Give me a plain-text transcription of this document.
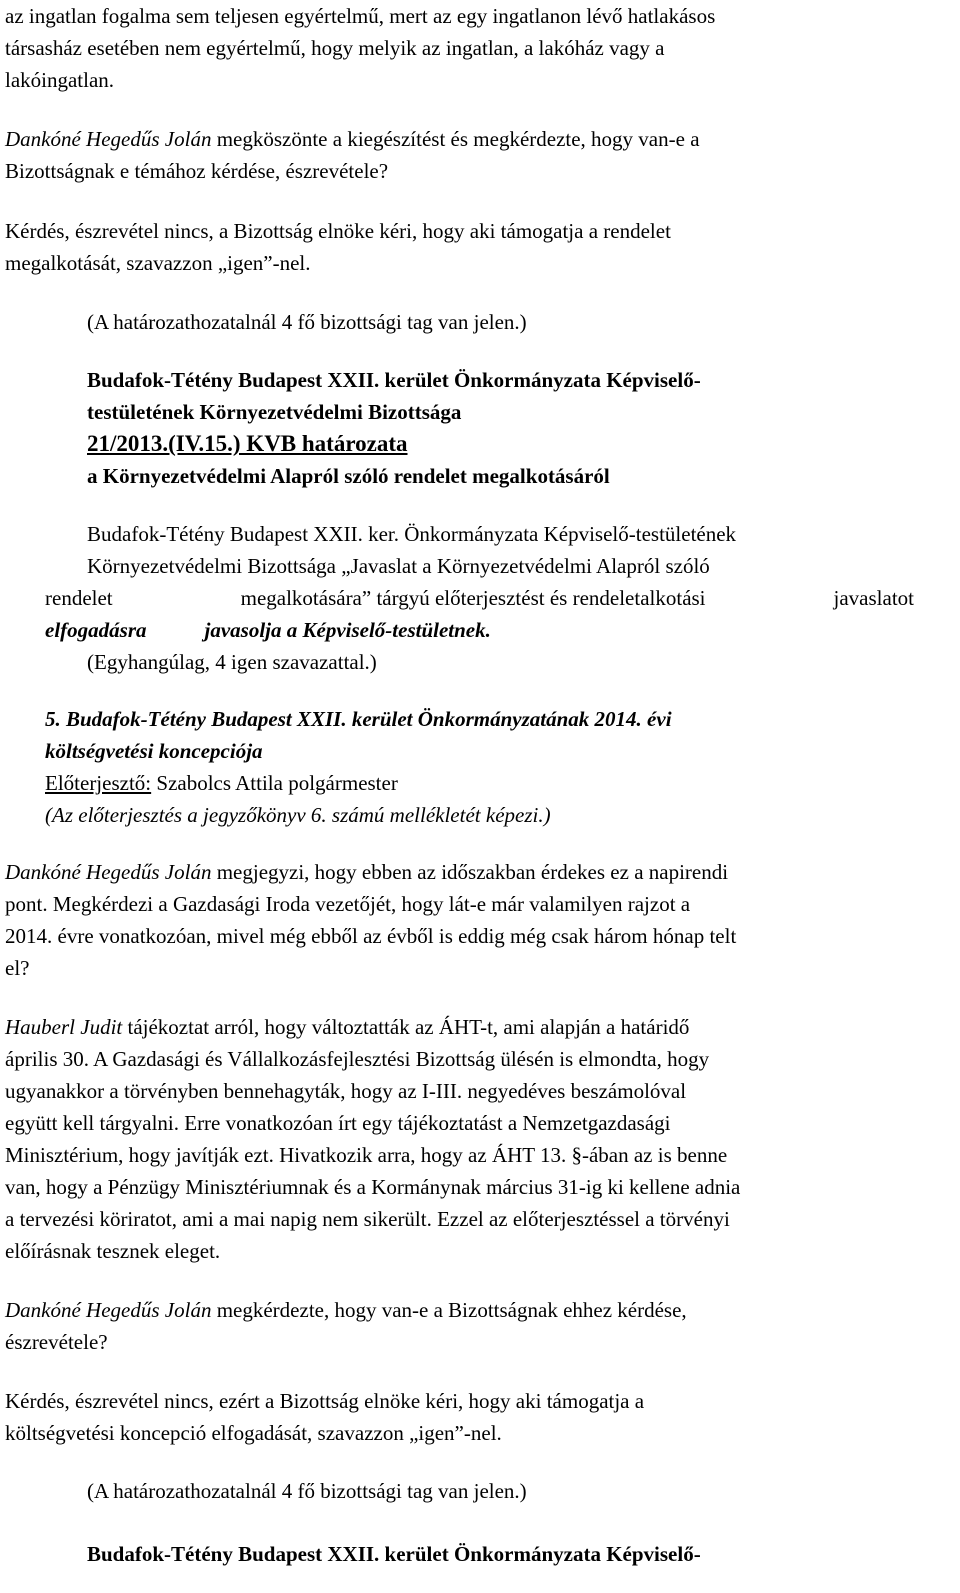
az ingatlan fogalma sem teljesen egyértelmű, mert az egy ingatlanon lévő hatlakásos
társasház esetében nem egyértelmű, hogy melyik az ingatlan, a lakóház vagy a
lakóingatlan.
Dankóné Hegedűs Jolán megköszönte a kiegészítést és megkérdezte, hogy van-e a
Bizottságnak e témához kérdése, észrevétele?
Kérdés, észrevétel nincs, a Bizottság elnöke kéri, hogy aki támogatja a rendelet
megalkotását, szavazzon „igen”-nel.
(A határozathozatalnál 4 fő bizottsági tag van jelen.)
Budafok-Tétény Budapest XXII. kerület Önkormányzata Képviselő-
testületének Környezetvédelmi Bizottsága
21/2013.(IV.15.) KVB határozata
a Környezetvédelmi Alapról szóló rendelet megalkotásáról
Budafok-Tétény Budapest XXII. ker. Önkormányzata Képviselő-testületének
Környezetvédelmi Bizottsága „Javaslat a Környezetvédelmi Alapról szóló
rendelet	megalkotására” tárgyú előterjesztést és rendeletalkotási	javaslatot
elfogadásra	javasolja a Képviselő-testületnek.
(Egyhangúlag, 4 igen szavazattal.)
5. Budafok-Tétény Budapest XXII. kerület Önkormányzatának 2014. évi
költségvetési koncepciója
Előterjesztő: Szabolcs Attila polgármester
(Az előterjesztés a jegyzőkönyv 6. számú mellékletét képezi.)
Dankóné Hegedűs Jolán megjegyzi, hogy ebben az időszakban érdekes ez a napirendi
pont. Megkérdezi a Gazdasági Iroda vezetőjét, hogy lát-e már valamilyen rajzot a
2014. évre vonatkozóan, mivel még ebből az évből is eddig még csak három hónap telt
el?
Hauberl Judit tájékoztat arról, hogy változtatták az ÁHT-t, ami alapján a határidő
április 30. A Gazdasági és Vállalkozásfejlesztési Bizottság ülésén is elmondta, hogy
ugyanakkor a törvényben bennehagyták, hogy az I-III. negyedéves beszámolóval
együtt kell tárgyalni. Erre vonatkozóan írt egy tájékoztatást a Nemzetgazdasági
Minisztérium, hogy javítják ezt. Hivatkozik arra, hogy az ÁHT 13. §-ában az is benne
van, hogy a Pénzügy Minisztériumnak és a Kormánynak március 31-ig ki kellene adnia
a tervezési köriratot, ami a mai napig nem sikerült. Ezzel az előterjesztéssel a törvényi
előírásnak tesznek eleget.
Dankóné Hegedűs Jolán megkérdezte, hogy van-e a Bizottságnak ehhez kérdése,
észrevétele?
Kérdés, észrevétel nincs, ezért a Bizottság elnöke kéri, hogy aki támogatja a
költségvetési koncepció elfogadását, szavazzon „igen”-nel.
(A határozathozatalnál 4 fő bizottsági tag van jelen.)
Budafok-Tétény Budapest XXII. kerület Önkormányzata Képviselő-
